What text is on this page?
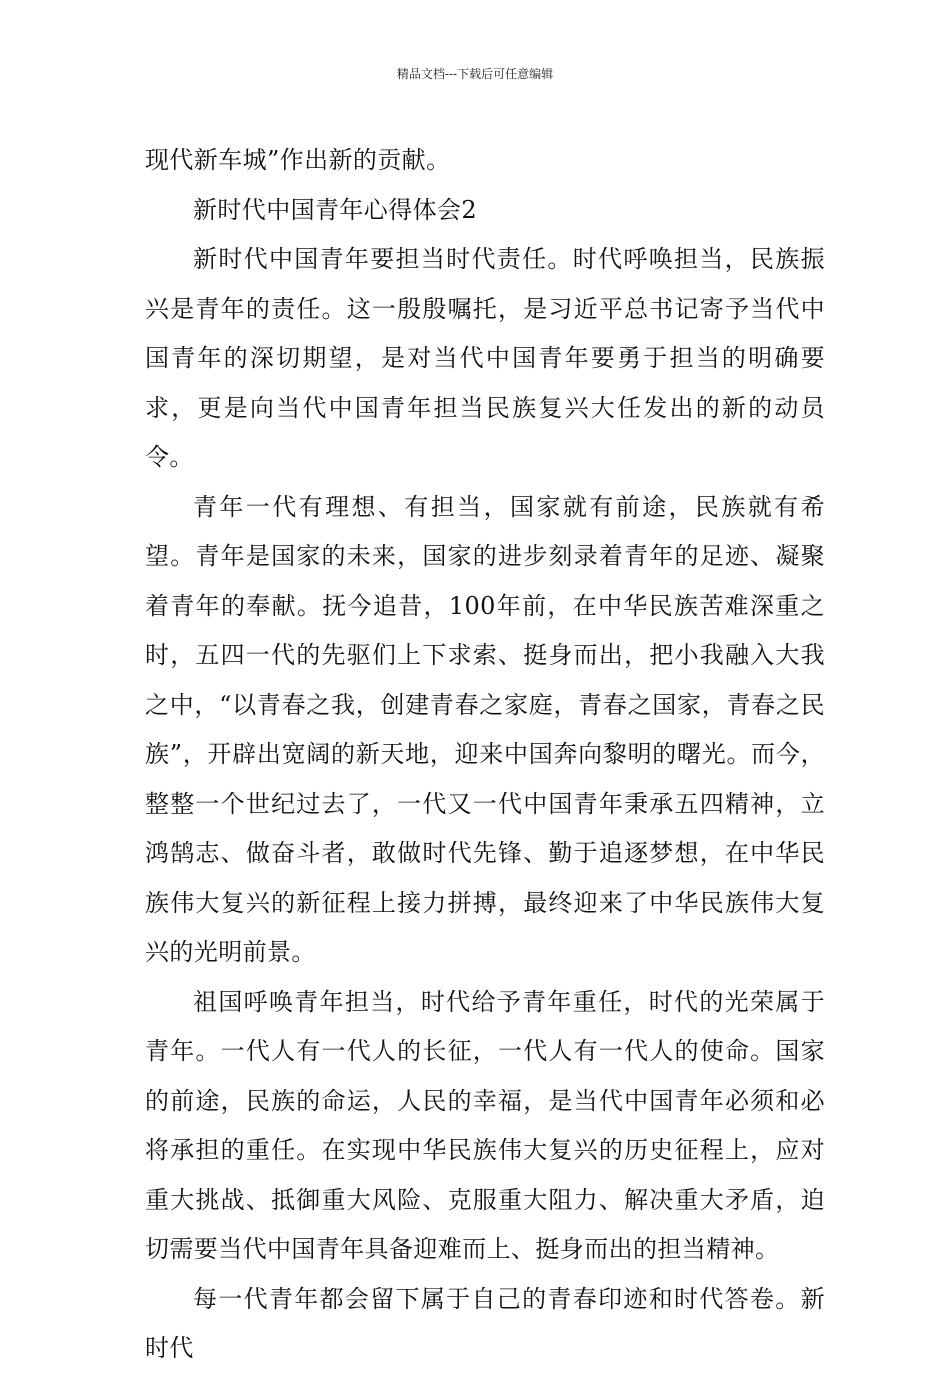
精品文档---下载后可任意编辑

现代新车城”作出新的贡献。

新时代中国青年心得体会2

新时代中国青年要担当时代责任。时代呼唤担当，民族振兴是青年的责任。这一殷殷嘱托，是习近平总书记寄予当代中国青年的深切期望，是对当代中国青年要勇于担当的明确要求，更是向当代中国青年担当民族复兴大任发出的新的动员令。

青年一代有理想、有担当，国家就有前途，民族就有希望。青年是国家的未来，国家的进步刻录着青年的足迹、凝聚着青年的奉献。抚今追昔，100年前，在中华民族苦难深重之时，五四一代的先驱们上下求索、挺身而出，把小我融入大我之中，“以青春之我，创建青春之家庭，青春之国家，青春之民族”，开辟出宽阔的新天地，迎来中国奔向黎明的曙光。而今，整整一个世纪过去了，一代又一代中国青年秉承五四精神，立鸿鹄志、做奋斗者，敢做时代先锋、勤于追逐梦想，在中华民族伟大复兴的新征程上接力拼搏，最终迎来了中华民族伟大复兴的光明前景。

祖国呼唤青年担当，时代给予青年重任，时代的光荣属于青年。一代人有一代人的长征，一代人有一代人的使命。国家的前途，民族的命运，人民的幸福，是当代中国青年必须和必将承担的重任。在实现中华民族伟大复兴的历史征程上，应对重大挑战、抵御重大风险、克服重大阻力、解决重大矛盾，迫切需要当代中国青年具备迎难而上、挺身而出的担当精神。

每一代青年都会留下属于自己的青春印迹和时代答卷。新时代
